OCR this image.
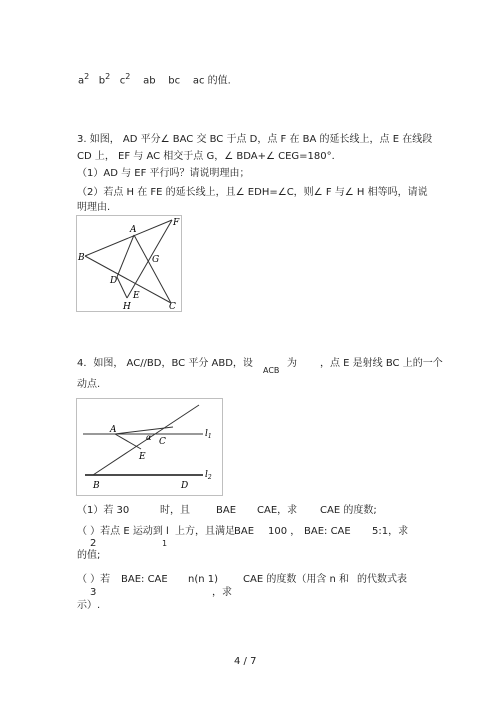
$a^2$ $b^2$ $c^2$ ab bc ac 的值.
3. 如图， AD 平分∠ BAC 交 BC 于点 D，点 F 在 BA 的延长线上，点 E 在线段
CD 上， EF 与 AC 相交于点 G，∠ BDA+∠ CEG=180°．
（1）AD 与 EF 平行吗？请说明理由；
（2）若点 H 在 FE 的延长线上，且∠ EDH=∠C，则∠ F 与∠ H 相等吗，请说
明理由.
A
B
C
D
E
F
G
H
4．如图， AC//BD，BC 平分 ABD，设
ACB
为 ，点 E 是射线 BC 上的一个
动点.
A
B
C
D
E
α	$l_1$
$l_2$
（1）若 30	时，且	BAE CAE，求 CAE 的度数;
（ ）若点 E 运动到 l 上方，且满足 BAE 100 ， BAE: CAE 5:1，求
2	1
的值;
（ ）若 BAE: CAE n(n 1) CAE 的度数（用含 n 和 的代数式表
3	，求
示）.
4 / 7
